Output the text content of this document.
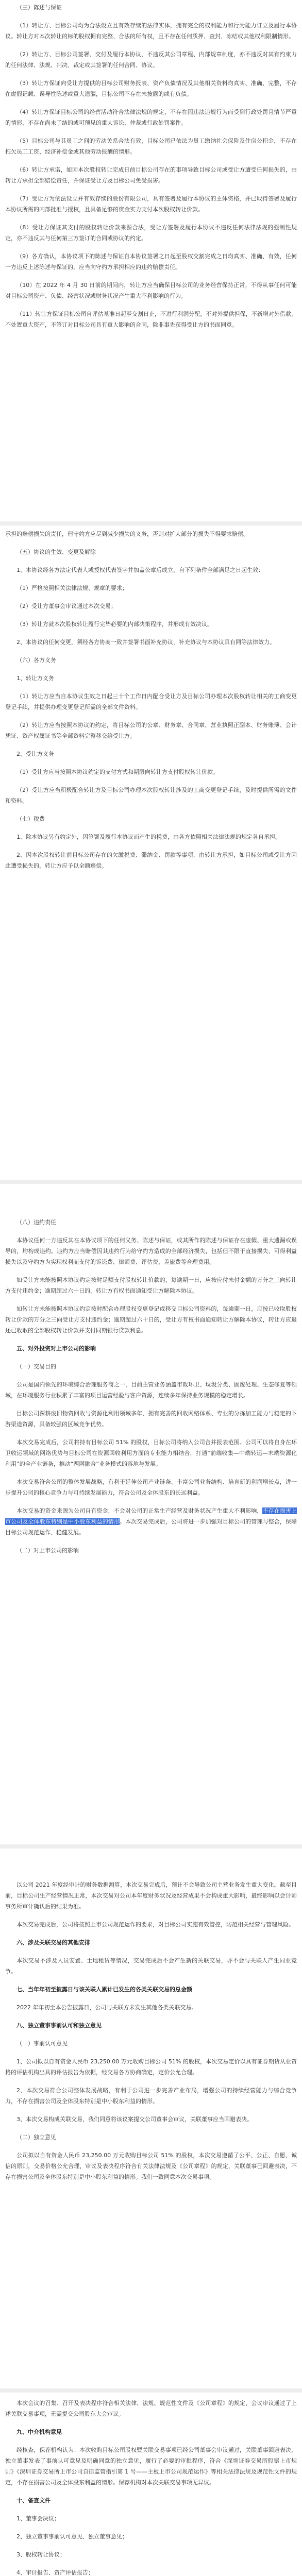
（三）陈述与保证

（1）转让方、目标公司均为合法设立且有效存续的法律实体，拥有完全的权利能力和行为能力订立及履行本协议。转让方对本次转让的标的股权拥有完整、合法的所有权，且不存在任何质押、查封、冻结或其他权利限制情形。

（2）转让方、目标公司签署、交付及履行本协议，不违反其公司章程、内部规章制度，亦不违反对其有约束力的任何法律、法规、判决、裁定或其签署的任何合同、协议。

（3）转让方保证向受让方提供的目标公司财务报表、资产负债情况及其他相关资料均真实、准确、完整，不存在虚假记载、误导性陈述或重大遗漏，目标公司不存在未披露的或有负债。

（4）转让方保证目标公司的经营活动符合法律法规的规定，不存在因违法违规行为而受到行政处罚且情节严重的情形，不存在尚未了结的或可预见的重大诉讼、仲裁或行政处罚案件。

（5）目标公司与其员工之间的劳动关系合法有效，目标公司已依法为员工缴纳社会保险及住房公积金，不存在拖欠员工工资、经济补偿金或其他劳动报酬的情形。

（6）转让方承诺，如因本次股权转让完成日前目标公司存在的事项导致目标公司或受让方遭受任何损失的，由转让方承担全部赔偿责任，并保证受让方及目标公司免受损害。

（7）受让方为依法设立并有效存续的股份有限公司，具有签署及履行本协议的主体资格，并已取得签署及履行本协议所需的内部批准与授权，且具备足够的资金实力支付本次股权转让价款。

（8）受让方保证其支付的股权转让价款来源合法，受让方签署及履行本协议不违反任何法律法规的强制性规定，亦不违反其与任何第三方签订的合同或协议的约定。

（9）各方确认，本协议项下的陈述与保证自本协议签署之日起至股权交割完成之日均真实、准确、有效，任何一方违反上述陈述与保证的，应当向守约方承担相应的违约赔偿责任。

（10）在 2022 年 4 月 30 日前的期间内，转让方应当确保目标公司的业务经营保持正常，不得从事任何可能对目标公司资产、负债、经营状况或财务状况产生重大不利影响的行为。

（11）转让方保证目标公司自评估基准日起至交割日止，不进行利润分配，不对外提供担保，不新增对外借款，不处置重大资产，不签订对目标公司具有重大影响的合同，除非事先获得受让方的书面同意。

承担的赔偿损失的责任，但守约方应尽到减少损失的义务，否则对扩大部分的损失不得要求赔偿。

（五）协议的生效、变更及解除

1、本协议经各方法定代表人或授权代表签字并加盖公章后成立，自下列条件全部满足之日起生效：

（1）严格按照相关法律法规、规章的要求；

（2）受让方董事会审议通过本次交易；

（3）转让方就本次股权转让履行完毕必要的内部决策程序，并形成有效决议。

2、本协议的任何变更，须经各方协商一致并签署书面补充协议，补充协议与本协议具有同等法律效力。

（六）各方义务

1、转让方义务

（1）转让方应当自本协议生效之日起三十个工作日内配合受让方及目标公司办理本次股权转让相关的工商变更登记手续，并提供办理变更登记所需的全部文件资料。

（2）转让方应当按照本协议的约定，将目标公司的公章、财务章、合同章、营业执照正副本、财务账簿、会计凭证、资产权属证书等全部资料完整移交给受让方。

2、受让方义务

（1）受让方应当按照本协议约定的支付方式和期限向转让方支付股权转让价款。

（2）受让方应当积极配合转让方及目标公司办理本次股权转让涉及的工商变更登记手续，及时提供所需的文件和资料。

（七）税费

1、除本协议另有约定外，因签署及履行本协议而产生的税费，由各方依照相关法律法规的规定各自承担。

2、因本次股权转让前目标公司存在的欠缴税费、滞纳金、罚款等事项，由转让方承担，如目标公司或受让方因此遭受损失的，转让方应予以全额赔偿。

（八）违约责任

本协议任何一方违反其在本协议项下的任何义务、陈述与保证，或其所作的陈述与保证存在虚假、重大遗漏或误导的，均构成违约。违约方应当赔偿因其违约行为给守约方造成的全部经济损失，包括但不限于直接损失、可得利益损失以及守约方为实现权利而支付的诉讼费、律师费、评估费、差旅费等合理费用。

如受让方未能按照本协议约定按时足额支付股权转让价款的，每逾期一日，应按应付未付金额的万分之三向转让方支付违约金；逾期超过六十日的，转让方有权书面通知受让方解除本协议。

如转让方未能按照本协议约定按时配合办理股权变更登记或移交目标公司资料的，每逾期一日，应按已收取股权转让价款的万分之三向受让方支付违约金；逾期超过六十日的，受让方有权书面通知转让方解除本协议，转让方应退还已收取的全部股权转让价款并支付同期银行贷款利息。

五、对外投资对上市公司的影响

（一）交易目的

公司是国内领先的环境综合治理服务商之一，目前主营业务涵盖市政环卫、垃圾分类、固废处理、生态修复等领域，在环境服务行业积累了丰富的项目运营经验与客户资源，连续多年保持业务规模的稳定增长。

目标公司深耕废旧物资回收与资源化利用领域多年，拥有完善的回收网络体系、专业的分拣加工能力与稳定的下游渠道资源，具备较强的区域竞争优势。

本次交易完成后，公司将持有目标公司 51% 的股权，目标公司将纳入公司合并报表范围。公司可以将自身在环卫收运领域的网络优势与目标公司在资源回收利用方面的专业能力相结合，打通“前端收集—中端转运—末端资源化利用”的全产业链条，推动“两网融合”业务模式的落地与发展。

本次交易符合公司的整体发展战略，有利于延伸公司产业链条、丰富公司业务结构、培育新的利润增长点，进一步提升公司的核心竞争力与可持续发展能力，符合公司及全体股东的长远利益。

本次交易的资金来源为公司自有资金，不会对公司的正常生产经营及财务状况产生重大不利影响，不存在损害上市公司及全体股东特别是中小股东利益的情形。本次交易完成后，公司将进一步加强对目标公司的管理与整合，保障目标公司规范运作、稳健发展。

（二）对上市公司的影响

以公司 2021 年度经审计的财务数据测算，本次交易完成后，预计不会导致公司主营业务发生重大变化。截至目前，目标公司生产经营情况正常，本次交易对公司本年度财务状况及经营成果不会构成重大影响，最终影响以会计师事务所审计确认后的结果为准。

本次交易完成后，公司将按照上市公司规范运作的要求，对目标公司实施有效管控，防范相关经营与管理风险。

六、涉及关联交易的其他安排

本次交易不涉及人员安置、土地租赁等情况，交易完成后不会产生新的关联交易，亦不会与关联人产生同业竞争。

七、当年年初至披露日与该关联人累计已发生的各类关联交易的总金额

2022 年年初至本公告披露日，公司与关联方未发生其他各类关联交易。

八、独立董事事前认可和独立意见

（一）事前认可意见

1、公司拟以自有资金人民币 23,250.00 万元收购目标公司 51% 的股权，本次交易定价以具有证券期货从业资格的评估机构出具的评估报告为依据，经交易各方协商确定，定价公允合理。

2、本次交易符合公司整体发展战略，有利于公司进一步完善产业布局，增强公司的持续经营能力与综合竞争力，不存在损害公司及全体股东特别是中小股东利益的情形。

3、本次交易构成关联交易，我们同意将该议案提交公司董事会审议，关联董事应当回避表决。

（二）独立意见

公司拟以自有资金人民币 23,250.00 万元收购目标公司 51% 的股权，本次交易遵循了公平、公正、自愿、诚信的原则，交易价格公允合理，审议及表决程序符合有关法律法规及《公司章程》的规定，关联董事已回避表决，不存在损害公司及全体股东特别是中小股东利益的情形。我们一致同意本次交易事项。

本次会议的召集、召开及表决程序符合相关法律、法规、规范性文件及《公司章程》的规定，会议审议通过了上述关联交易事项，无需提交公司股东大会审议。

九、中介机构意见

经核查，保荐机构认为：本次收购目标公司股权暨关联交易事项已经公司董事会审议通过，关联董事回避表决，独立董事发表了事前认可意见及明确同意的独立意见，履行了必要的审批程序，符合《深圳证券交易所股票上市规则》《深圳证券交易所上市公司自律监管指引第 1 号——主板上市公司规范运作》等相关法律法规及规范性文件的规定，不存在损害公司及全体股东利益的情形。保荐机构对本次关联交易事项无异议。

十、备查文件

1、董事会决议；

2、独立董事事前认可意见、独立董事意见；

3、股权转让协议；

4、审计报告、资产评估报告；
